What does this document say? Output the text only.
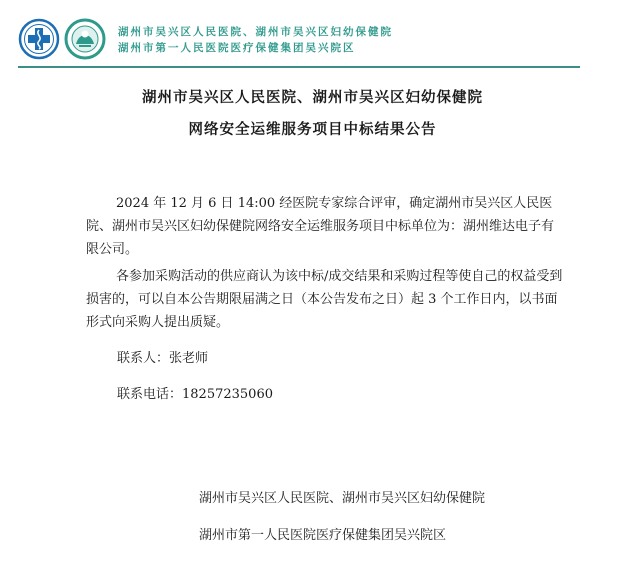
湖州市吴兴区人民医院、湖州市吴兴区妇幼保健院
湖州市第一人民医院医疗保健集团吴兴院区
湖州市吴兴区人民医院、湖州市吴兴区妇幼保健院
网络安全运维服务项目中标结果公告
2024 年 12 月 6 日 14:00 经医院专家综合评审，确定湖州市吴兴区人民医院、湖州市吴兴区妇幼保健院网络安全运维服务项目中标单位为：湖州维达电子有限公司。
各参加采购活动的供应商认为该中标/成交结果和采购过程等使自己的权益受到损害的，可以自本公告期限届满之日（本公告发布之日）起 3 个工作日内，以书面形式向采购人提出质疑。
联系人：张老师
联系电话：18257235060
湖州市吴兴区人民医院、湖州市吴兴区妇幼保健院
湖州市第一人民医院医疗保健集团吴兴院区
